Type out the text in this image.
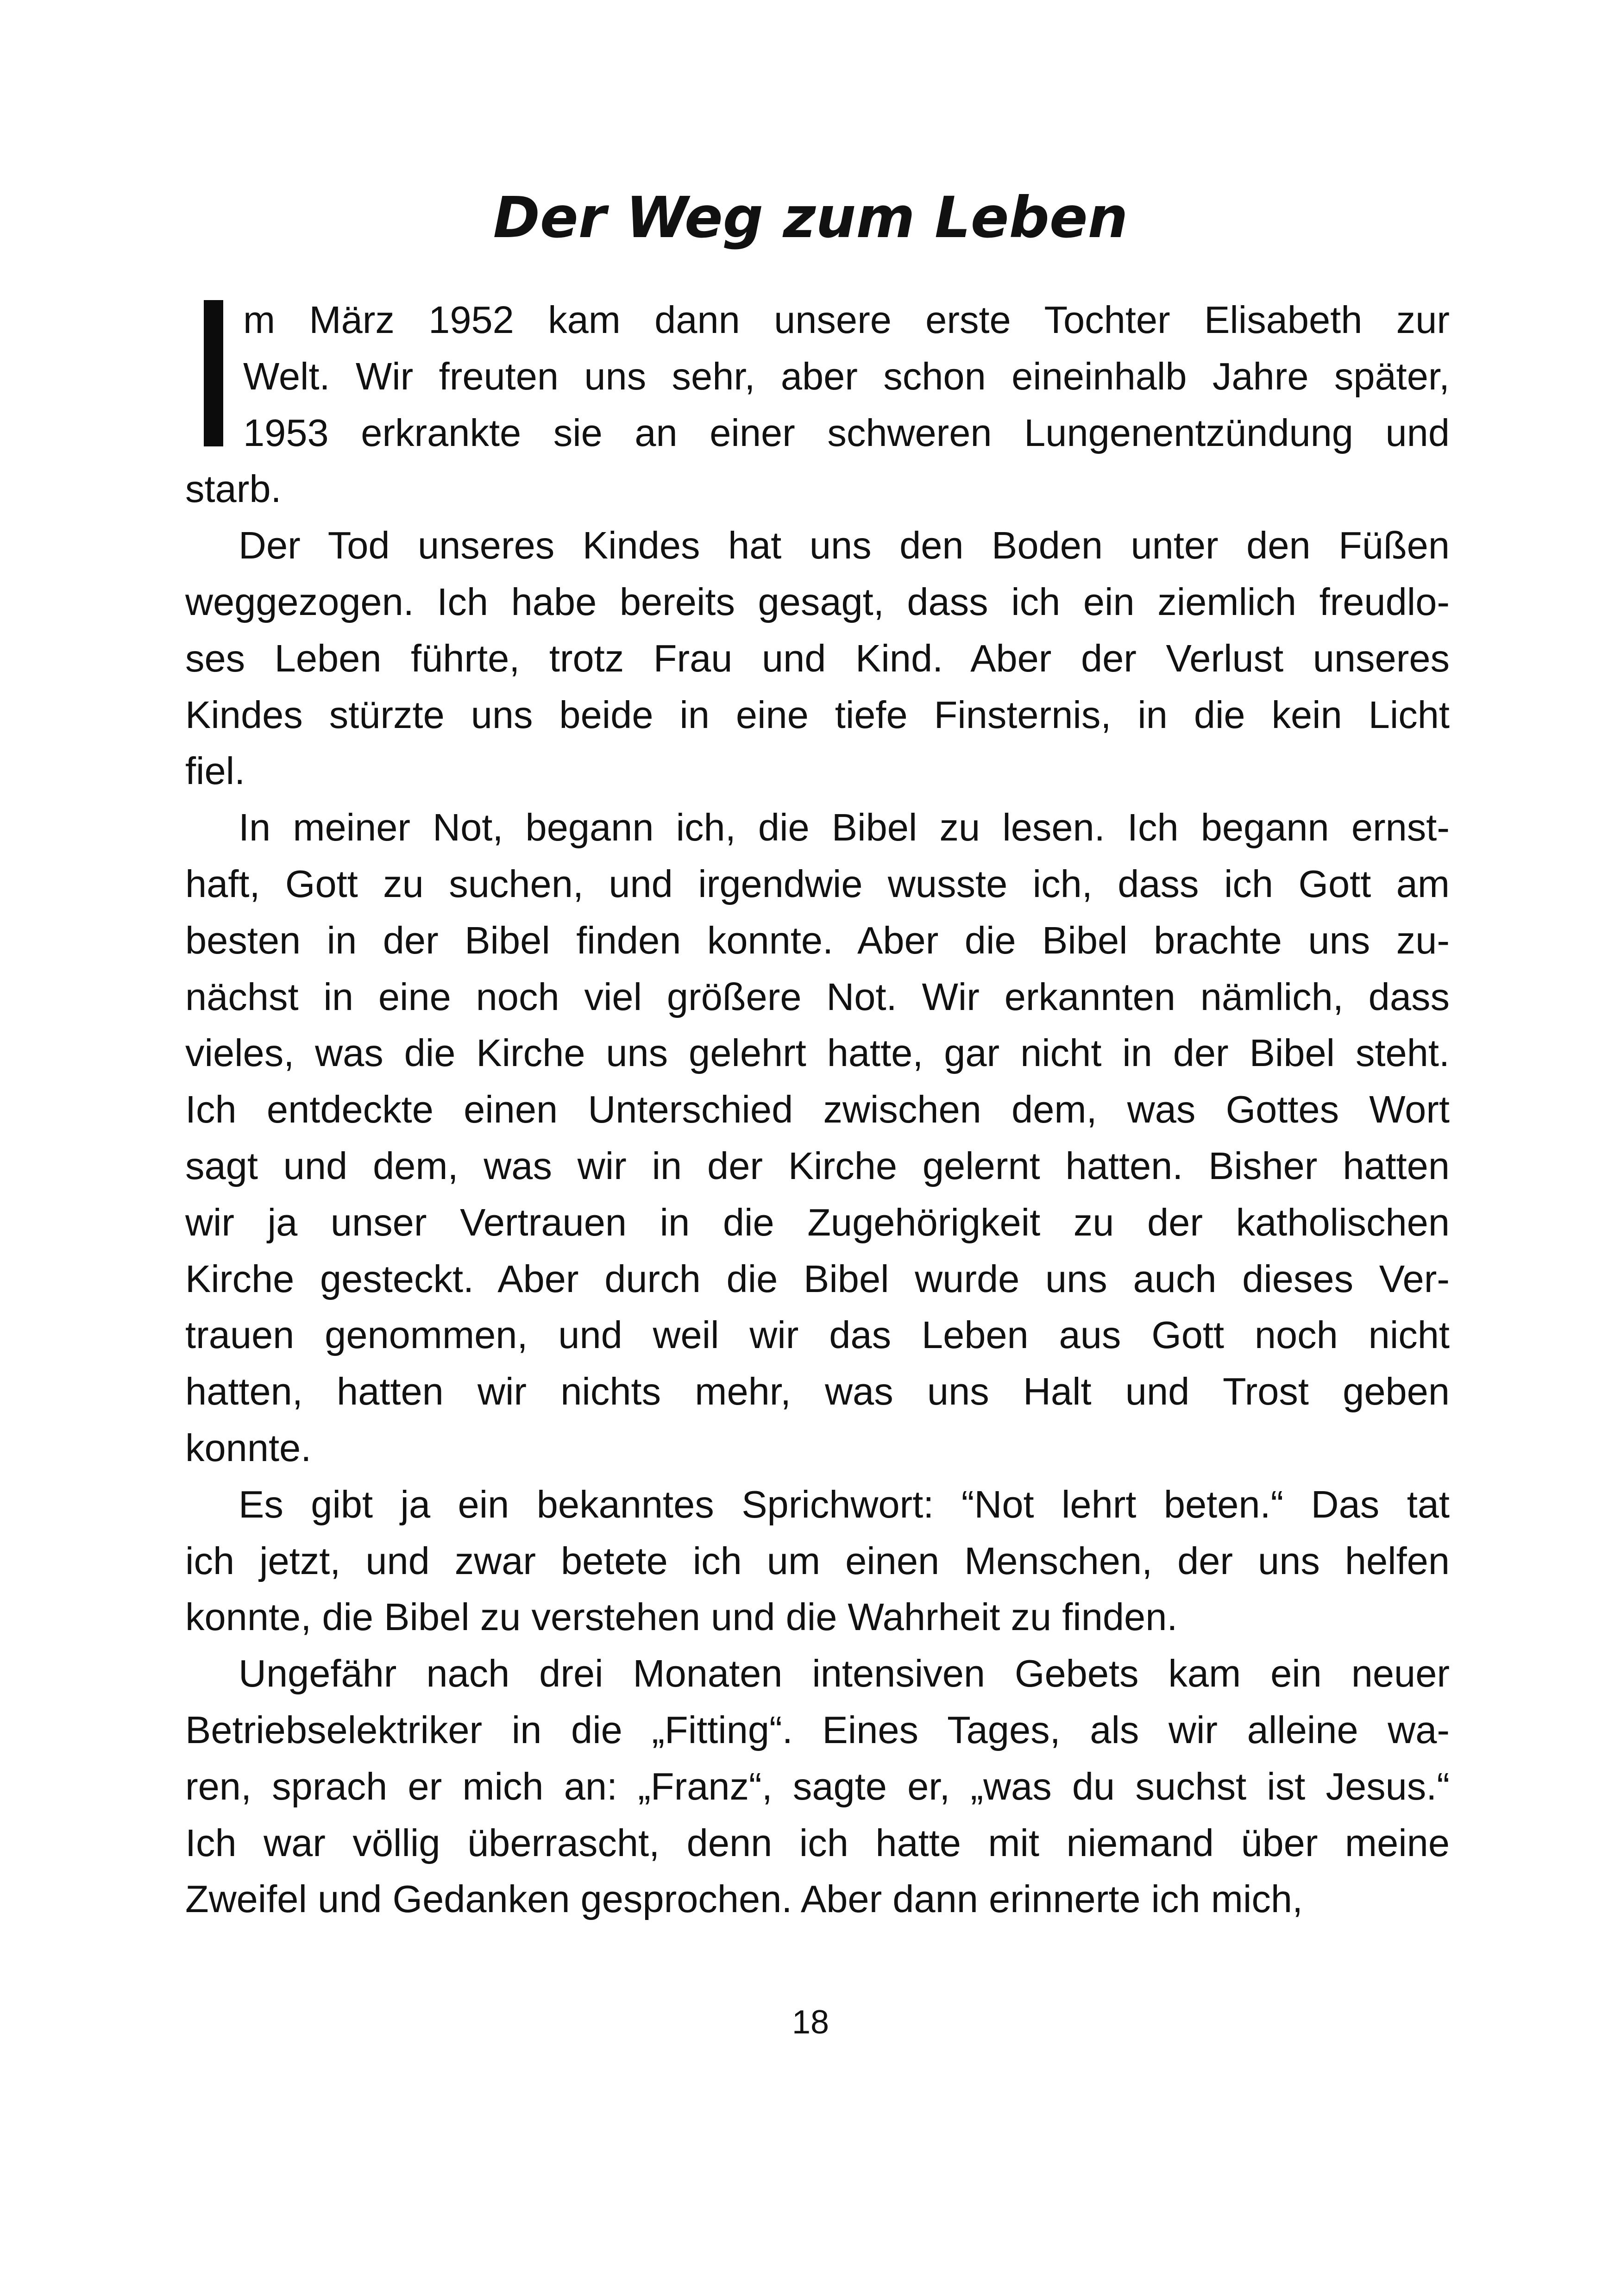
Der Weg zum Leben

m März 1952 kam dann unsere erste Tochter Elisabeth zur
Welt. Wir freuten uns sehr, aber schon eineinhalb Jahre später,
1953 erkrankte sie an einer schweren Lungenentzündung und
starb.

Der Tod unseres Kindes hat uns den Boden unter den Füßen
weggezogen. Ich habe bereits gesagt, dass ich ein ziemlich freudlo-
ses Leben führte, trotz Frau und Kind. Aber der Verlust unseres
Kindes stürzte uns beide in eine tiefe Finsternis, in die kein Licht
fiel.

In meiner Not, begann ich, die Bibel zu lesen. Ich begann ernst-
haft, Gott zu suchen, und irgendwie wusste ich, dass ich Gott am
besten in der Bibel finden konnte. Aber die Bibel brachte uns zu-
nächst in eine noch viel größere Not. Wir erkannten nämlich, dass
vieles, was die Kirche uns gelehrt hatte, gar nicht in der Bibel steht.
Ich entdeckte einen Unterschied zwischen dem, was Gottes Wort
sagt und dem, was wir in der Kirche gelernt hatten. Bisher hatten
wir ja unser Vertrauen in die Zugehörigkeit zu der katholischen
Kirche gesteckt. Aber durch die Bibel wurde uns auch dieses Ver-
trauen genommen, und weil wir das Leben aus Gott noch nicht
hatten, hatten wir nichts mehr, was uns Halt und Trost geben
konnte.

Es gibt ja ein bekanntes Sprichwort: “Not lehrt beten.“ Das tat
ich jetzt, und zwar betete ich um einen Menschen, der uns helfen
konnte, die Bibel zu verstehen und die Wahrheit zu finden.

Ungefähr nach drei Monaten intensiven Gebets kam ein neuer
Betriebselektriker in die „Fitting“. Eines Tages, als wir alleine wa-
ren, sprach er mich an: „Franz“, sagte er, „was du suchst ist Jesus.“
Ich war völlig überrascht, denn ich hatte mit niemand über meine
Zweifel und Gedanken gesprochen. Aber dann erinnerte ich mich,

18
